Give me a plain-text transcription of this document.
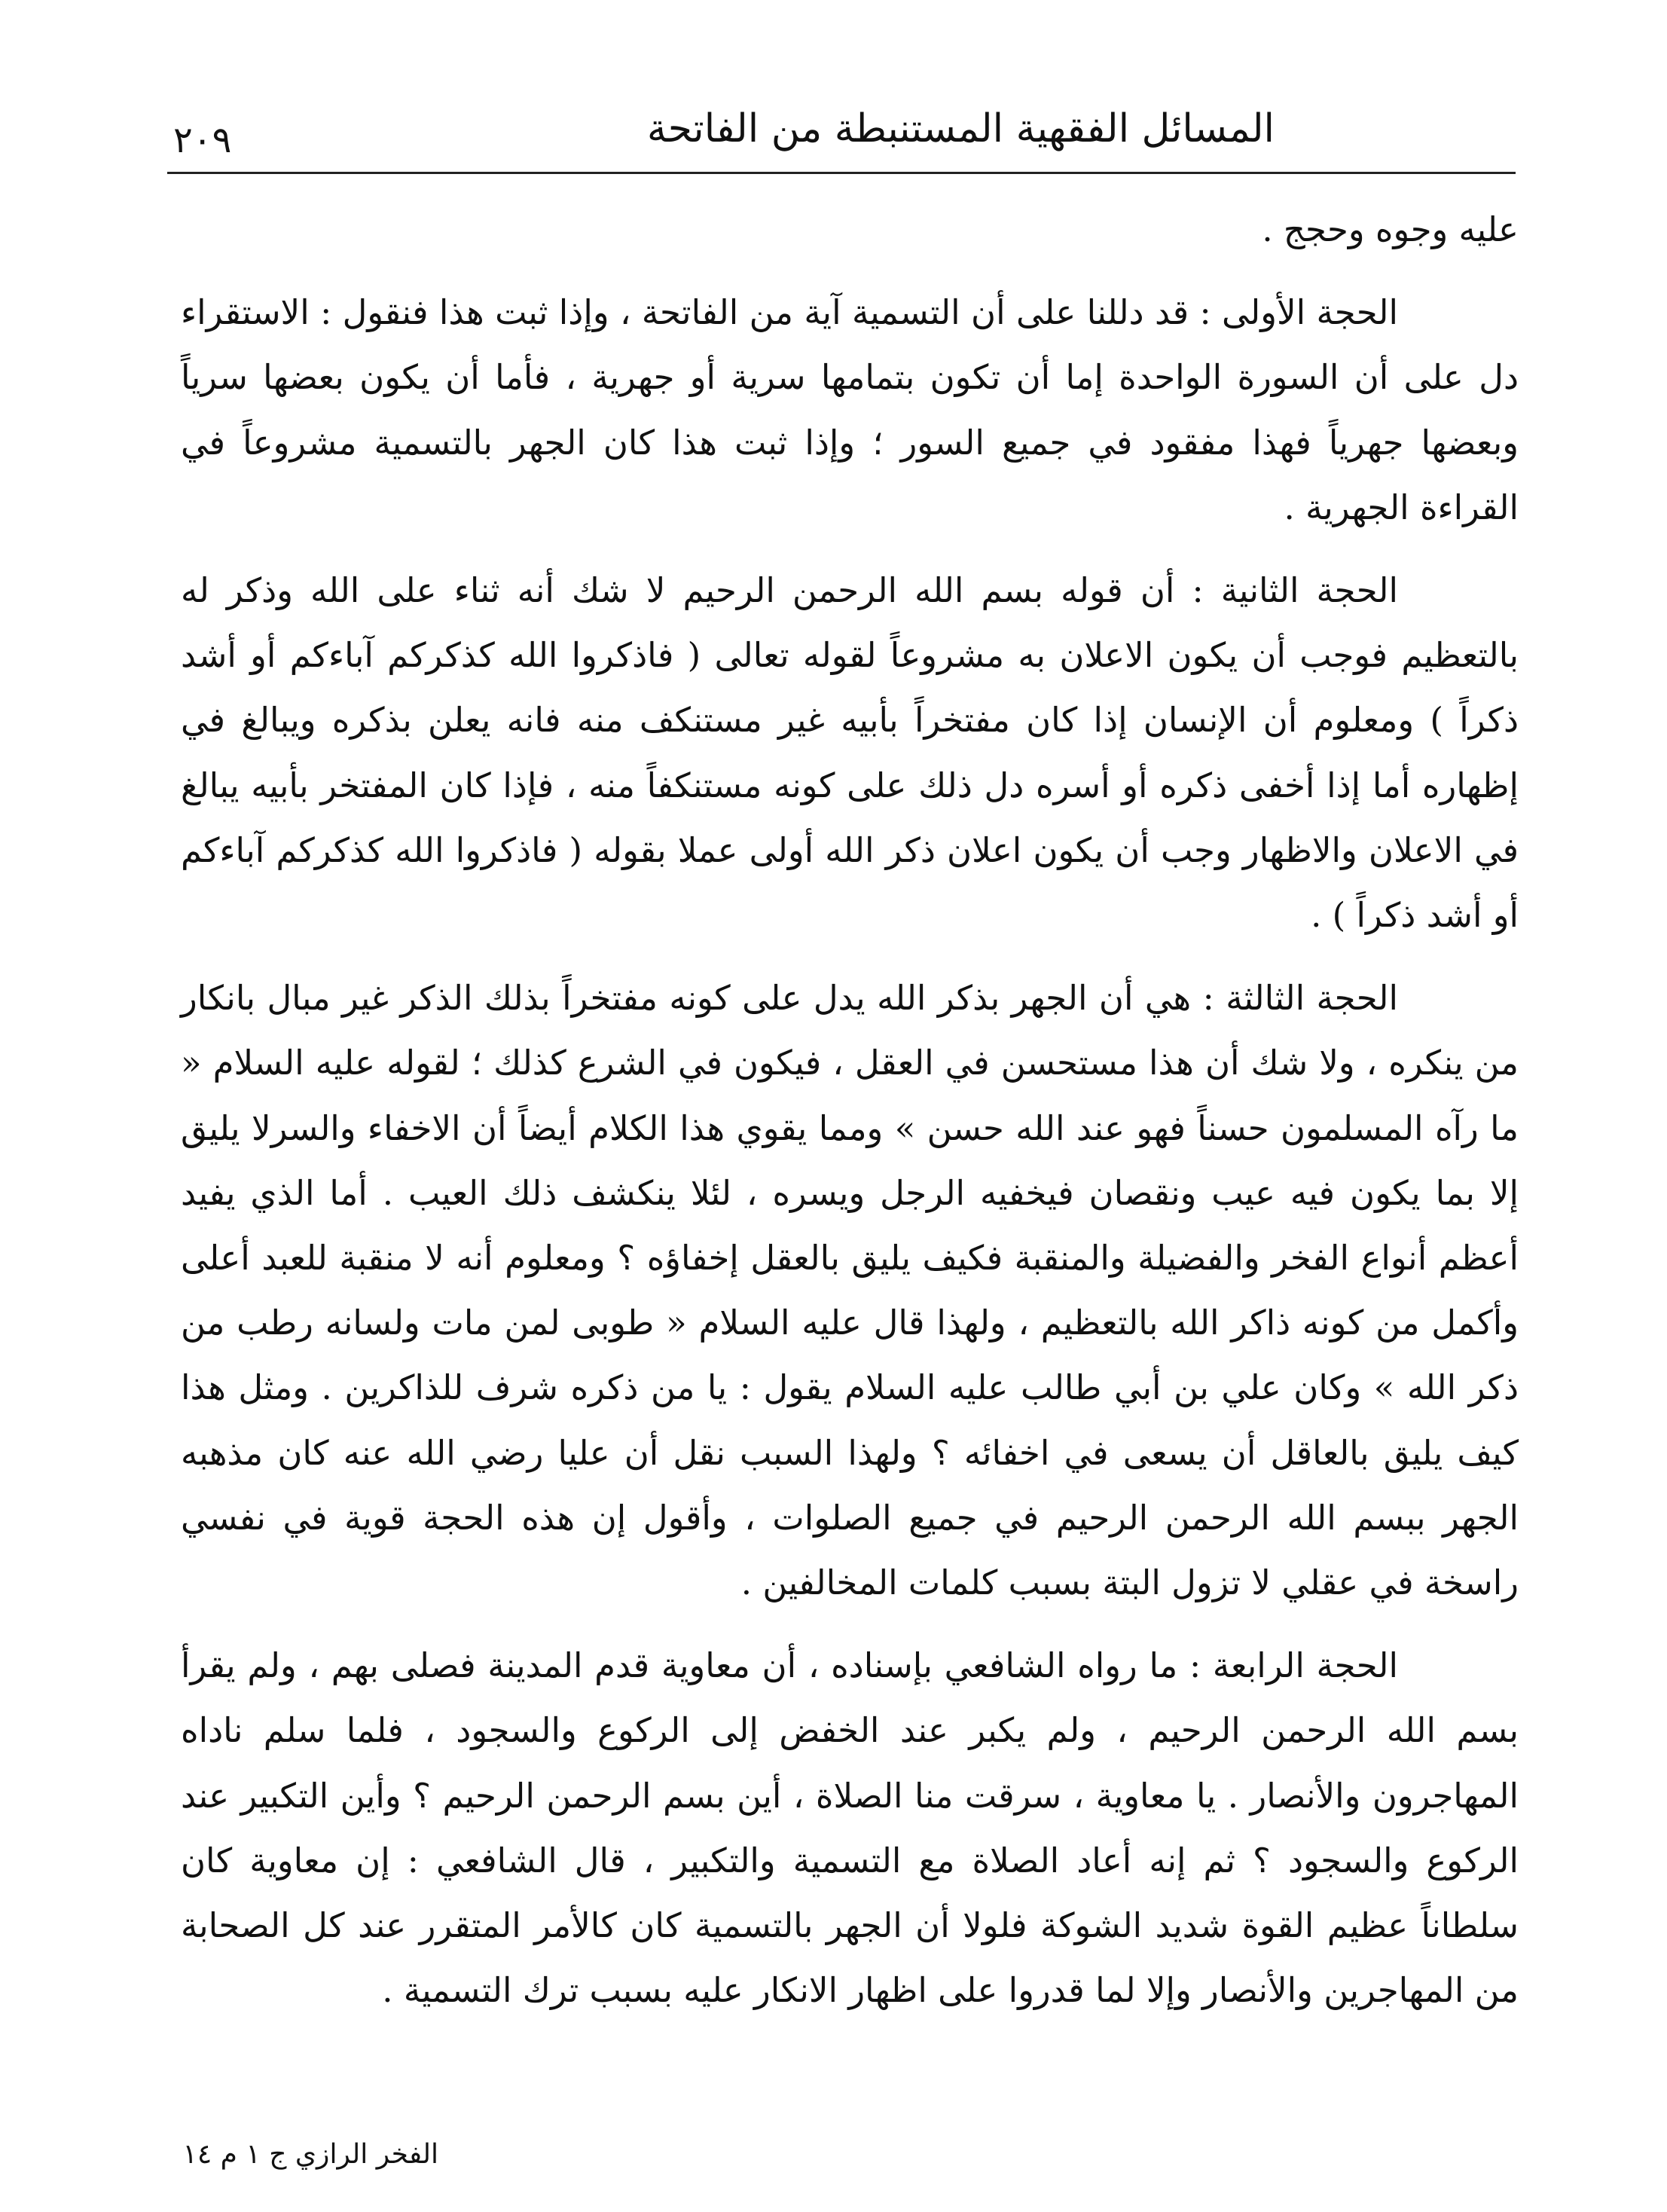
المسائل الفقهية المستنبطة من الفاتحة
٢٠٩

عليه وجوه وحجج .

الحجة الأولى : قد دللنا على أن التسمية آية من الفاتحة ، وإذا ثبت هذا فنقول : الاستقراء دل على أن السورة الواحدة إما أن تكون بتمامها سرية أو جهرية ، فأما أن يكون بعضها سرياً وبعضها جهرياً فهذا مفقود في جميع السور ؛ وإذا ثبت هذا كان الجهر بالتسمية مشروعاً في القراءة الجهرية .

الحجة الثانية : أن قوله بسم الله الرحمن الرحيم لا شك أنه ثناء على الله وذكر له بالتعظيم فوجب أن يكون الاعلان به مشروعاً لقوله تعالى ( فاذكروا الله كذكركم آباءكم أو أشد ذكراً ) ومعلوم أن الإنسان إذا كان مفتخراً بأبيه غير مستنكف منه فانه يعلن بذكره ويبالغ في إظهاره أما إذا أخفى ذكره أو أسره دل ذلك على كونه مستنكفاً منه ، فإذا كان المفتخر بأبيه يبالغ في الاعلان والاظهار وجب أن يكون اعلان ذكر الله أولى عملا بقوله ( فاذكروا الله كذكركم آباءكم أو أشد ذكراً ) .

الحجة الثالثة : هي أن الجهر بذكر الله يدل على كونه مفتخراً بذلك الذكر غير مبال بانكار من ينكره ، ولا شك أن هذا مستحسن في العقل ، فيكون في الشرع كذلك ؛ لقوله عليه السلام « ما رآه المسلمون حسناً فهو عند الله حسن » ومما يقوي هذا الكلام أيضاً أن الاخفاء والسرلا يليق إلا بما يكون فيه عيب ونقصان فيخفيه الرجل ويسره ، لئلا ينكشف ذلك العيب . أما الذي يفيد أعظم أنواع الفخر والفضيلة والمنقبة فكيف يليق بالعقل إخفاؤه ؟ ومعلوم أنه لا منقبة للعبد أعلى وأكمل من كونه ذاكر الله بالتعظيم ، ولهذا قال عليه السلام « طوبى لمن مات ولسانه رطب من ذكر الله » وكان علي بن أبي طالب عليه السلام يقول : يا من ذكره شرف للذاكرين . ومثل هذا كيف يليق بالعاقل أن يسعى في اخفائه ؟ ولهذا السبب نقل أن عليا رضي الله عنه كان مذهبه الجهر ببسم الله الرحمن الرحيم في جميع الصلوات ، وأقول إن هذه الحجة قوية في نفسي راسخة في عقلي لا تزول البتة بسبب كلمات المخالفين .

الحجة الرابعة : ما رواه الشافعي بإسناده ، أن معاوية قدم المدينة فصلى بهم ، ولم يقرأ بسم الله الرحمن الرحيم ، ولم يكبر عند الخفض إلى الركوع والسجود ، فلما سلم ناداه المهاجرون والأنصار . يا معاوية ، سرقت منا الصلاة ، أين بسم الرحمن الرحيم ؟ وأين التكبير عند الركوع والسجود ؟ ثم إنه أعاد الصلاة مع التسمية والتكبير ، قال الشافعي : إن معاوية كان سلطاناً عظيم القوة شديد الشوكة فلولا أن الجهر بالتسمية كان كالأمر المتقرر عند كل الصحابة من المهاجرين والأنصار وإلا لما قدروا على اظهار الانكار عليه بسبب ترك التسمية .

الفخر الرازي ج ١ م ١٤
